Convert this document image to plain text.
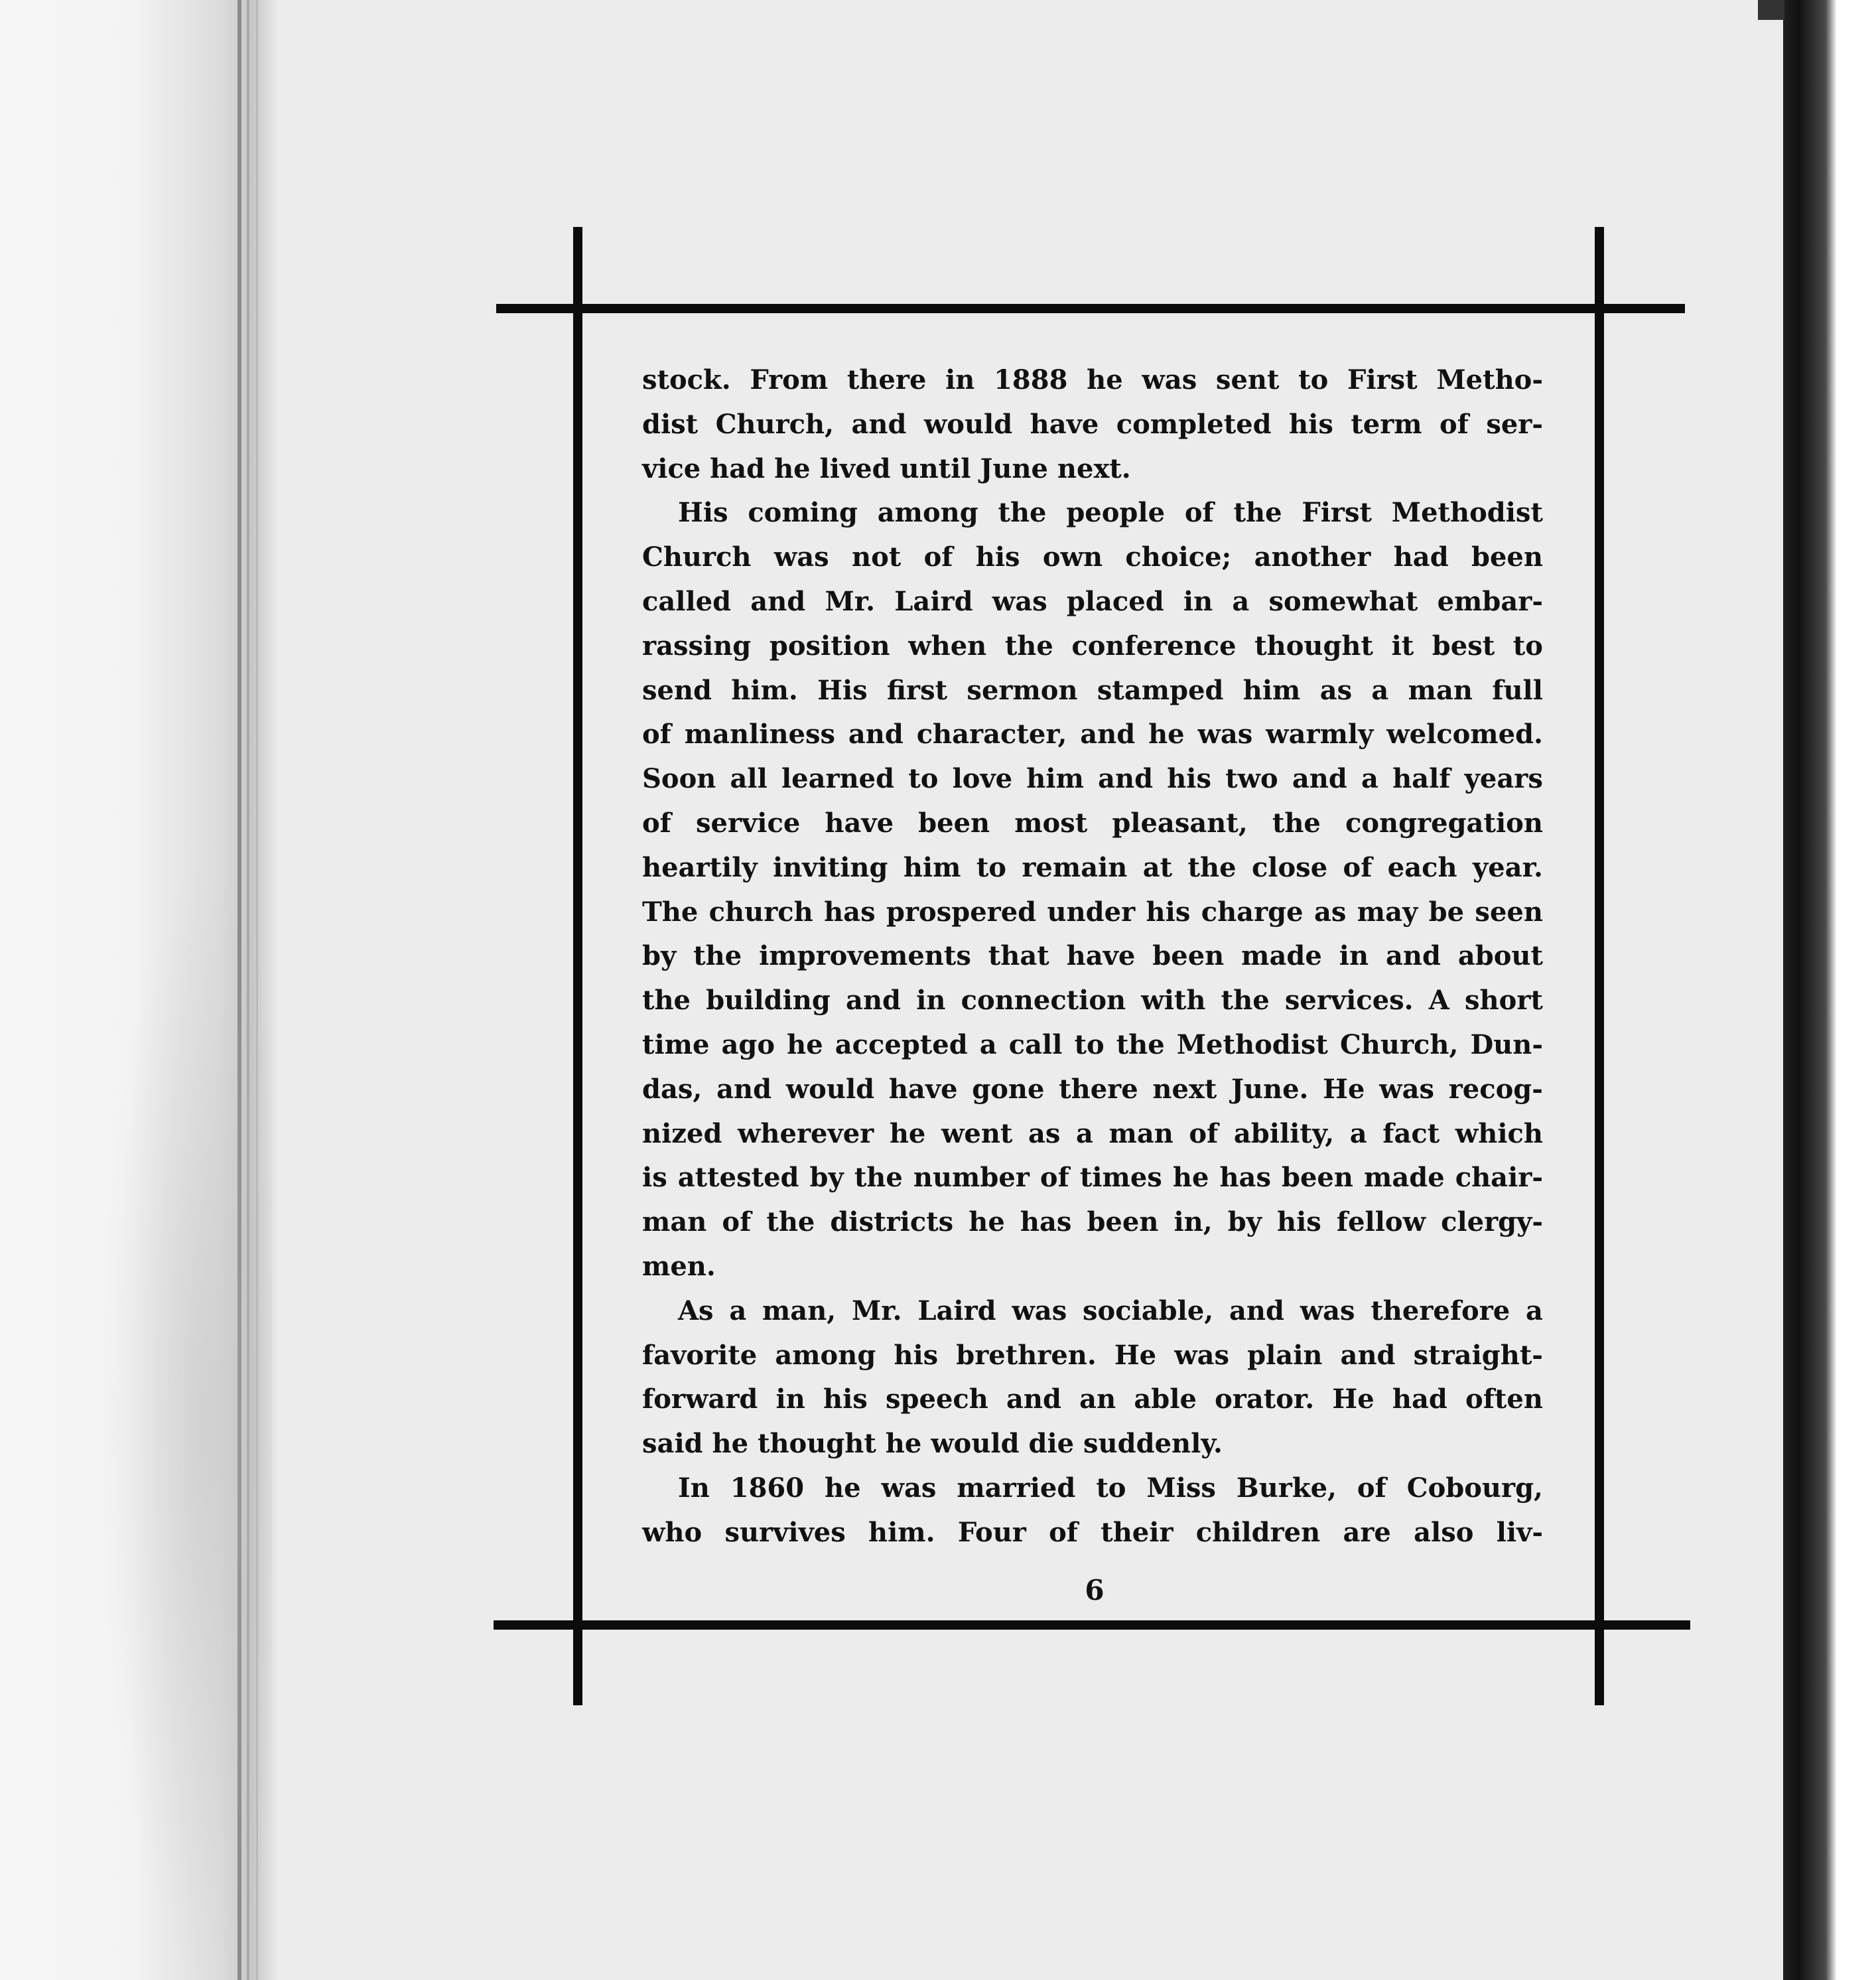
stock. From there in 1888 he was sent to First Metho-
dist Church, and would have completed his term of ser-
vice had he lived until June next.
His coming among the people of the First Methodist
Church was not of his own choice; another had been
called and Mr. Laird was placed in a somewhat embar-
rassing position when the conference thought it best to
send him. His first sermon stamped him as a man full
of manliness and character, and he was warmly welcomed.
Soon all learned to love him and his two and a half years
of service have been most pleasant, the congregation
heartily inviting him to remain at the close of each year.
The church has prospered under his charge as may be seen
by the improvements that have been made in and about
the building and in connection with the services. A short
time ago he accepted a call to the Methodist Church, Dun-
das, and would have gone there next June. He was recog-
nized wherever he went as a man of ability, a fact which
is attested by the number of times he has been made chair-
man of the districts he has been in, by his fellow clergy-
men.
As a man, Mr. Laird was sociable, and was therefore a
favorite among his brethren. He was plain and straight-
forward in his speech and an able orator. He had often
said he thought he would die suddenly.
In 1860 he was married to Miss Burke, of Cobourg,
who survives him. Four of their children are also liv-
6
